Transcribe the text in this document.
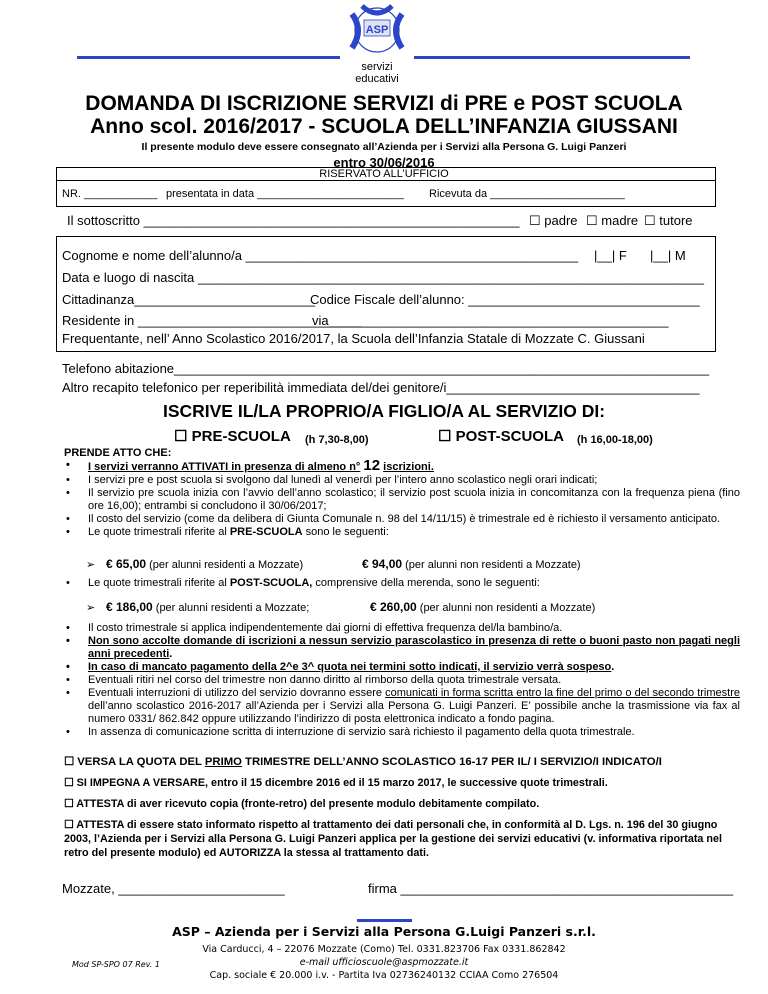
ASP
servizi
educativi
DOMANDA DI ISCRIZIONE SERVIZI di PRE e POST SCUOLA
Anno scol. 2016/2017 - SCUOLA DELL’INFANZIA GIUSSANI
Il presente modulo deve essere consegnato all’Azienda per i Servizi alla Persona G. Luigi Panzeri
entro 30/06/2016
RISERVATO ALL’UFFICIO
NR. ____________ presentata in data ________________________ Ricevuta da ______________________
Il sottoscritto ____________________________________________________ ☐ padre ☐ madre ☐ tutore
Cognome e nome dell’alunno/a ______________________________________________ |__| F |__| M
Data e luogo di nascita ______________________________________________________________________
Cittadinanza_________________________
Codice Fiscale dell’alunno: ________________________________
Residente in _______________________________
via_______________________________________________
Frequentante, nell’ Anno Scolastico 2016/2017, la Scuola dell’Infanzia Statale di Mozzate C. Giussani
Telefono abitazione__________________________________________________________________________
Altro recapito telefonico per reperibilità immediata del/dei genitore/i___________________________________
ISCRIVE IL/LA PROPRIO/A FIGLIO/A AL SERVIZIO DI:
☐ PRE-SCUOLA (h 7,30-8,00)	☐ POST-SCUOLA (h 16,00-18,00)
PRENDE ATTO CHE:
• I servizi verranno ATTIVATI in presenza di almeno n° 12 iscrizioni.
• I servizi pre e post scuola si svolgono dal lunedì al venerdì per l’intero anno scolastico negli orari indicati;
• Il servizio pre scuola inizia con l’avvio dell’anno scolastico; il servizio post scuola inizia in concomitanza con la frequenza piena (fino ore 16,00); entrambi si concludono il 30/06/2017;
• Il costo del servizio (come da delibera di Giunta Comunale n. 98 del 14/11/15) è trimestrale ed è richiesto il versamento anticipato.
• Le quote trimestrali riferite al PRE-SCUOLA sono le seguenti:
➢ € 65,00 (per alunni residenti a Mozzate)	€ 94,00 (per alunni non residenti a Mozzate)
• Le quote trimestrali riferite al POST-SCUOLA, comprensive della merenda, sono le seguenti:
➢ € 186,00 (per alunni residenti a Mozzate;	€ 260,00 (per alunni non residenti a Mozzate)
• Il costo trimestrale si applica indipendentemente dai giorni di effettiva frequenza del/la bambino/a.
• Non sono accolte domande di iscrizioni a nessun servizio parascolastico in presenza di rette o buoni pasto non pagati negli anni precedenti.
• In caso di mancato pagamento della 2^e 3^ quota nei termini sotto indicati, il servizio verrà sospeso.
• Eventuali ritiri nel corso del trimestre non danno diritto al rimborso della quota trimestrale versata.
• Eventuali interruzioni di utilizzo del servizio dovranno essere comunicati in forma scritta entro la fine del primo o del secondo trimestre dell’anno scolastico 2016-2017 all’Azienda per i Servizi alla Persona G. Luigi Panzeri. E’ possibile anche la trasmissione via fax al numero 0331/ 862.842 oppure utilizzando l’indirizzo di posta elettronica indicato a fondo pagina.
• In assenza di comunicazione scritta di interruzione di servizio sarà richiesto il pagamento della quota trimestrale.
☐ VERSA LA QUOTA DEL PRIMO TRIMESTRE DELL’ANNO SCOLASTICO 16-17 PER IL/ I SERVIZIO/I INDICATO/I
☐ SI IMPEGNA A VERSARE, entro il 15 dicembre 2016 ed il 15 marzo 2017, le successive quote trimestrali.
☐ ATTESTA di aver ricevuto copia (fronte-retro) del presente modulo debitamente compilato.
☐ ATTESTA di essere stato informato rispetto al trattamento dei dati personali che, in conformità al D. Lgs. n. 196 del 30 giugno 2003, l’Azienda per i Servizi alla Persona G. Luigi Panzeri applica per la gestione dei servizi educativi (v. informativa riportata nel retro del presente modulo) ed AUTORIZZA la stessa al trattamento dati.
Mozzate, _______________________	firma ______________________________________________
ASP – Azienda per i Servizi alla Persona G.Luigi Panzeri s.r.l.
Via Carducci, 4 – 22076 Mozzate (Como) Tel. 0331.823706 Fax 0331.862842
e-mail ufficioscuole@aspmozzate.it
Cap. sociale € 20.000 i.v. - Partita Iva 02736240132 CCIAA Como 276504
Mod SP-SPO 07 Rev. 1
